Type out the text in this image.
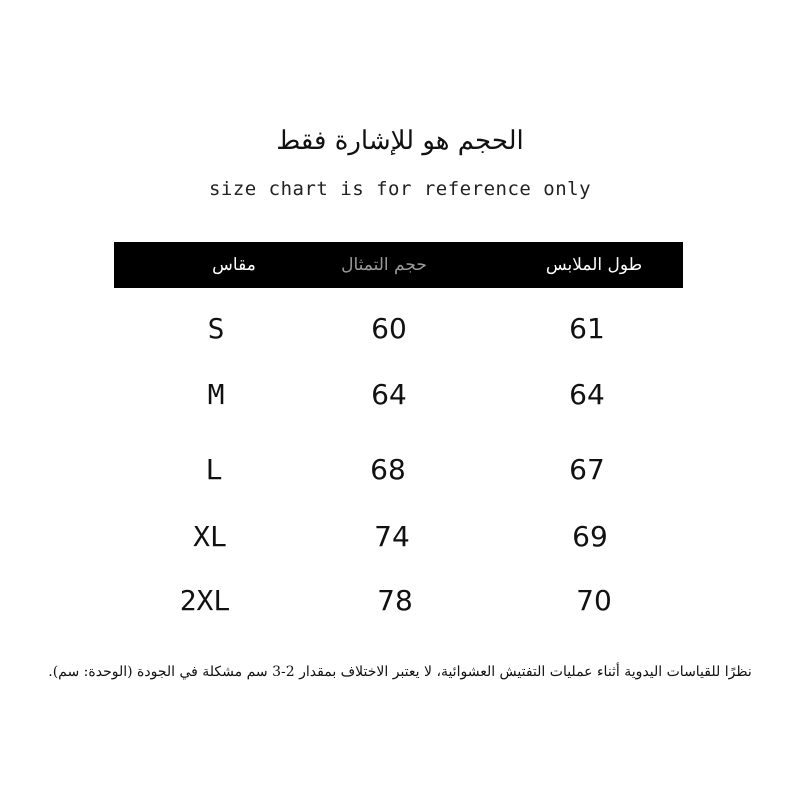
الحجم هو للإشارة فقط
size chart is for reference only
مقاس	حجم التمثال	طول الملابس
S	60	61
M	64	64
L	68	67
XL	74	69
2XL	78	70
نظرًا للقياسات اليدوية أثناء عمليات التفتيش العشوائية، لا يعتبر الاختلاف بمقدار 2-3 سم مشكلة في الجودة (الوحدة: سم).
